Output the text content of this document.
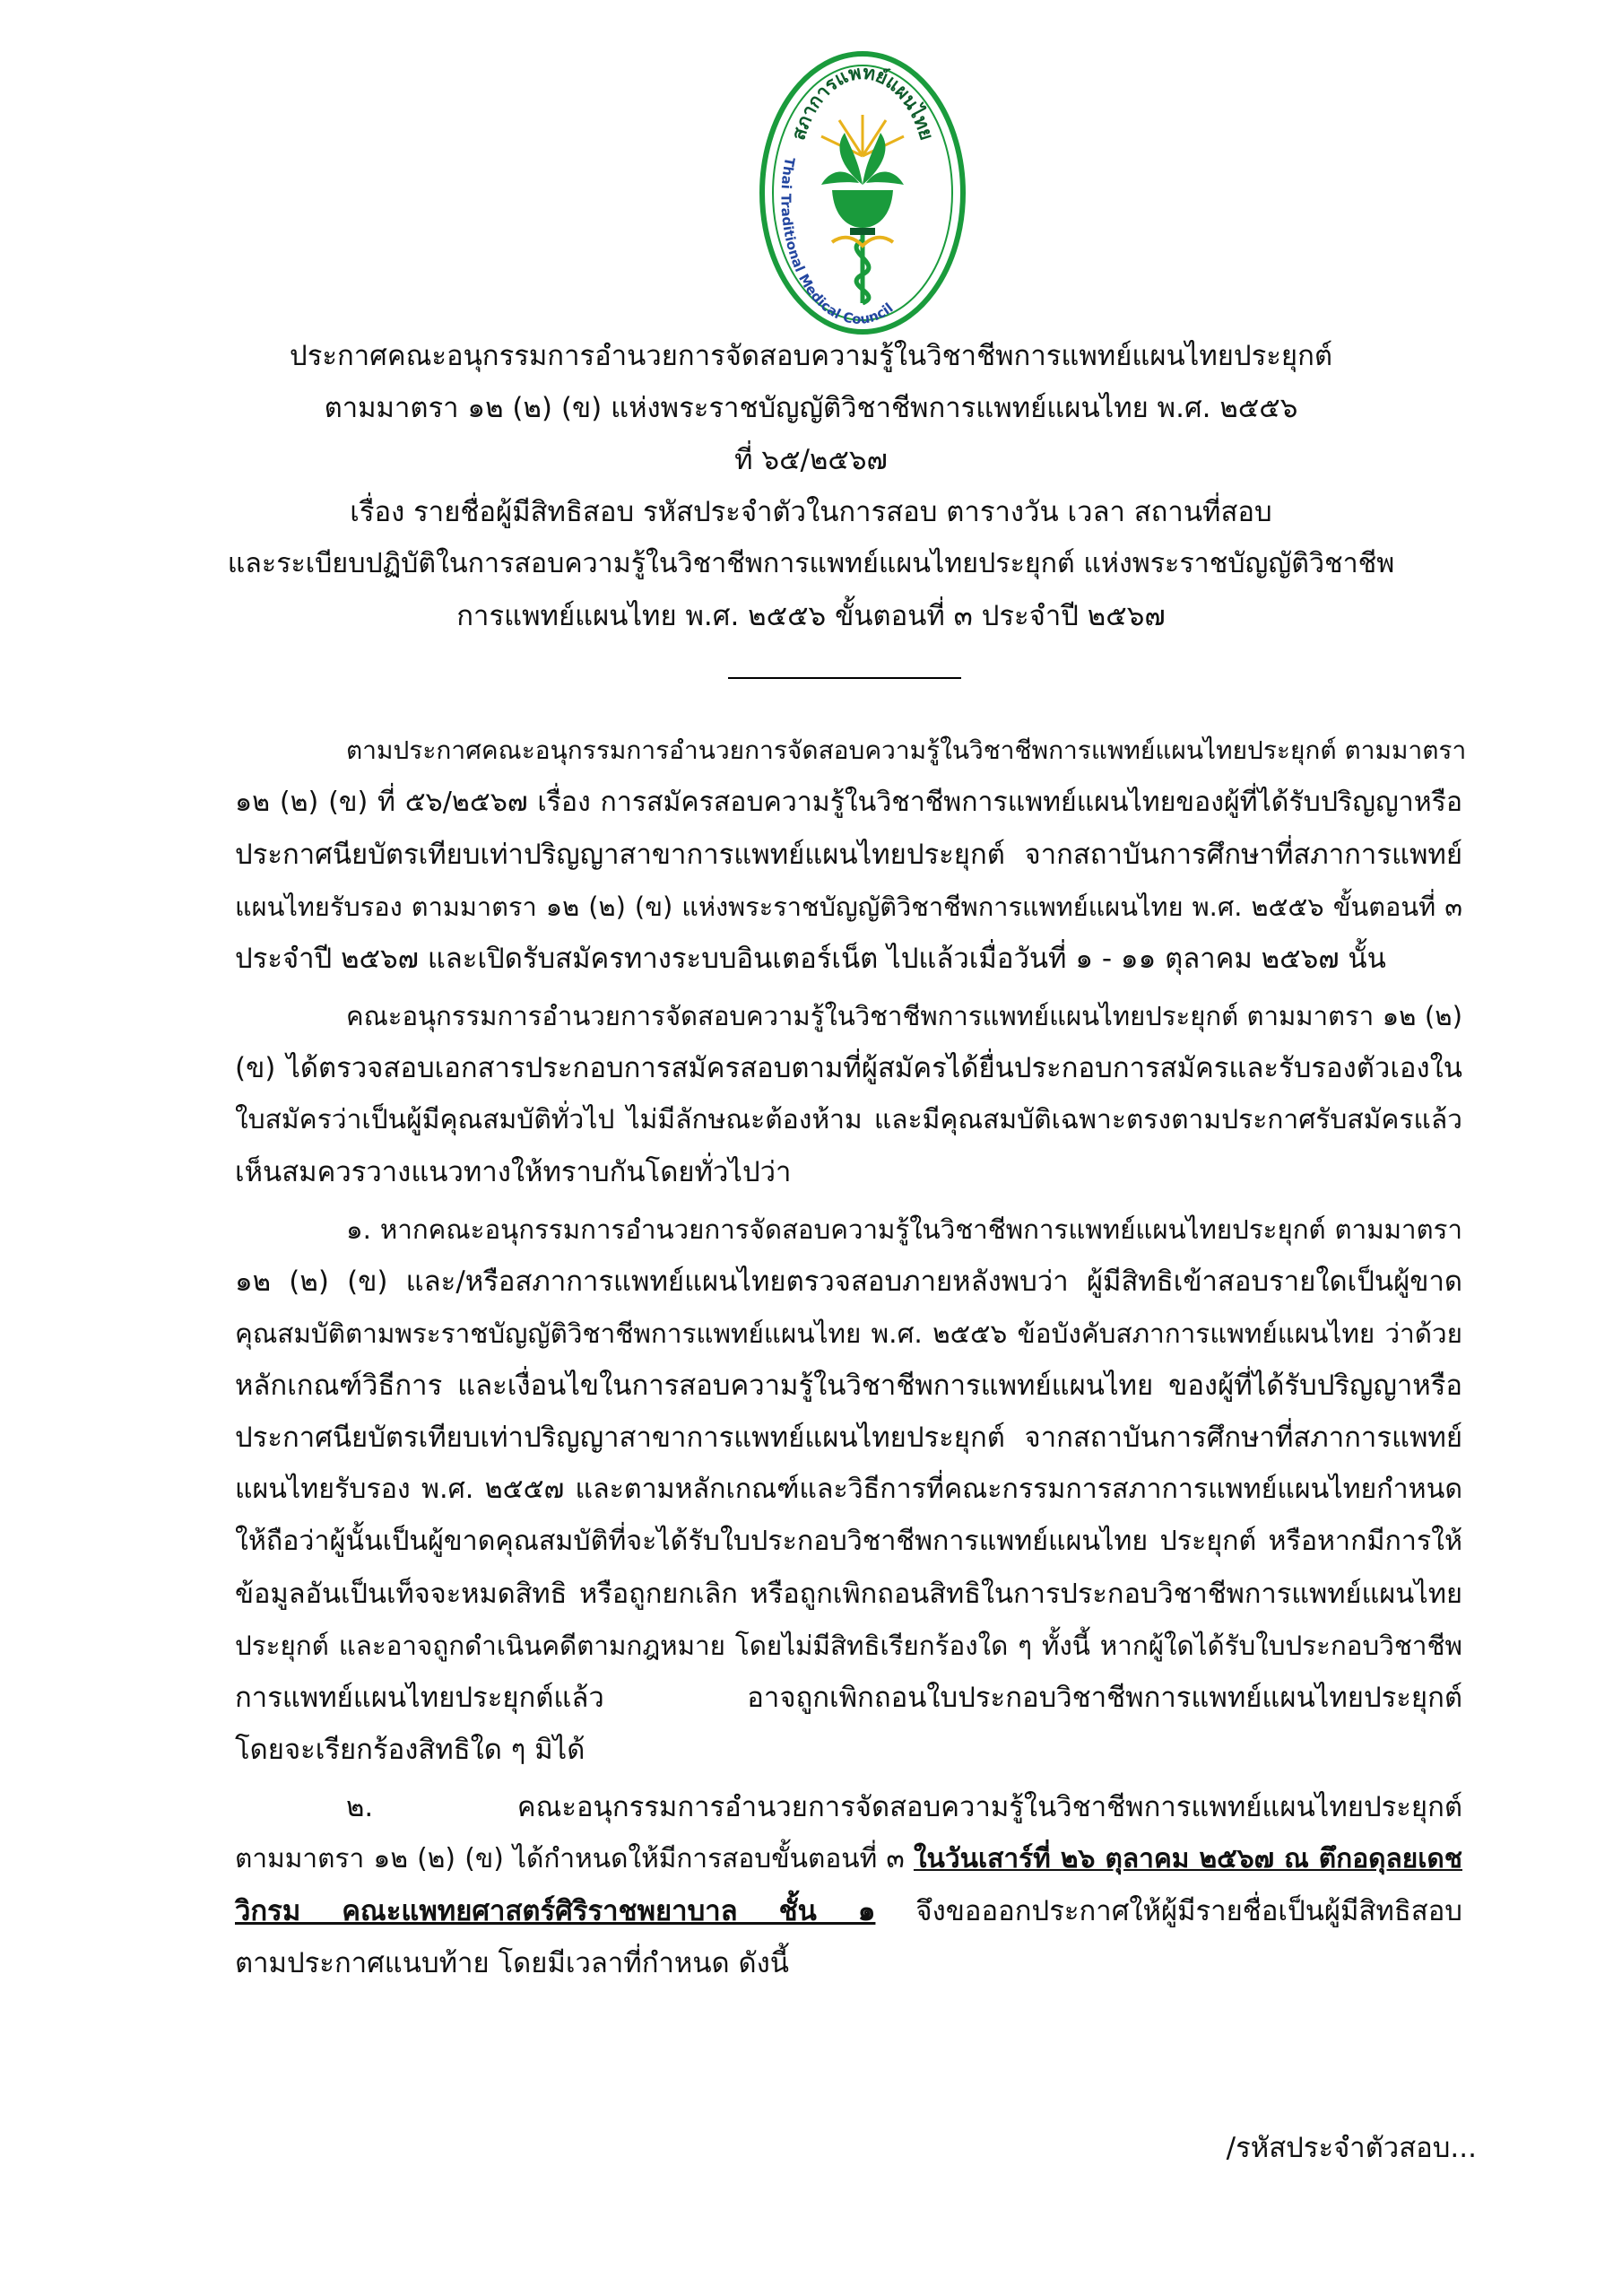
สภาการแพทย์แผนไทย
Thai Traditional Medical Council
ประกาศคณะอนุกรรมการอำนวยการจัดสอบความรู้ในวิชาชีพการแพทย์แผนไทยประยุกต์
ตามมาตรา ๑๒ (๒) (ข) แห่งพระราชบัญญัติวิชาชีพการแพทย์แผนไทย พ.ศ. ๒๕๕๖
ที่ ๖๕/๒๕๖๗
เรื่อง รายชื่อผู้มีสิทธิสอบ รหัสประจำตัวในการสอบ ตารางวัน เวลา สถานที่สอบ
และระเบียบปฏิบัติในการสอบความรู้ในวิชาชีพการแพทย์แผนไทยประยุกต์ แห่งพระราชบัญญัติวิชาชีพ
การแพทย์แผนไทย พ.ศ. ๒๕๕๖ ขั้นตอนที่ ๓ ประจำปี ๒๕๖๗
ตามประกาศคณะอนุกรรมการอำนวยการจัดสอบความรู้ในวิชาชีพการแพทย์แผนไทยประยุกต์ ตามมาตรา
๑๒ (๒) (ข) ที่ ๕๖/๒๕๖๗ เรื่อง การสมัครสอบความรู้ในวิชาชีพการแพทย์แผนไทยของผู้ที่ได้รับปริญญาหรือ
ประกาศนียบัตรเทียบเท่าปริญญาสาขาการแพทย์แผนไทยประยุกต์ จากสถาบันการศึกษาที่สภาการแพทย์
แผนไทยรับรอง ตามมาตรา ๑๒ (๒) (ข) แห่งพระราชบัญญัติวิชาชีพการแพทย์แผนไทย พ.ศ. ๒๕๕๖ ขั้นตอนที่ ๓
ประจำปี ๒๕๖๗ และเปิดรับสมัครทางระบบอินเตอร์เน็ต ไปแล้วเมื่อวันที่ ๑ - ๑๑ ตุลาคม ๒๕๖๗ นั้น
คณะอนุกรรมการอำนวยการจัดสอบความรู้ในวิชาชีพการแพทย์แผนไทยประยุกต์ ตามมาตรา ๑๒ (๒)
(ข) ได้ตรวจสอบเอกสารประกอบการสมัครสอบตามที่ผู้สมัครได้ยื่นประกอบการสมัครและรับรองตัวเองใน
ใบสมัครว่าเป็นผู้มีคุณสมบัติทั่วไป ไม่มีลักษณะต้องห้าม และมีคุณสมบัติเฉพาะตรงตามประกาศรับสมัครแล้ว
เห็นสมควรวางแนวทางให้ทราบกันโดยทั่วไปว่า
๑. หากคณะอนุกรรมการอำนวยการจัดสอบความรู้ในวิชาชีพการแพทย์แผนไทยประยุกต์ ตามมาตรา
๑๒ (๒) (ข) และ/หรือสภาการแพทย์แผนไทยตรวจสอบภายหลังพบว่า ผู้มีสิทธิเข้าสอบรายใดเป็นผู้ขาด
คุณสมบัติตามพระราชบัญญัติวิชาชีพการแพทย์แผนไทย พ.ศ. ๒๕๕๖ ข้อบังคับสภาการแพทย์แผนไทย ว่าด้วย
หลักเกณฑ์วิธีการ และเงื่อนไขในการสอบความรู้ในวิชาชีพการแพทย์แผนไทย ของผู้ที่ได้รับปริญญาหรือ
ประกาศนียบัตรเทียบเท่าปริญญาสาขาการแพทย์แผนไทยประยุกต์ จากสถาบันการศึกษาที่สภาการแพทย์
แผนไทยรับรอง พ.ศ. ๒๕๕๗ และตามหลักเกณฑ์และวิธีการที่คณะกรรมการสภาการแพทย์แผนไทยกำหนด
ให้ถือว่าผู้นั้นเป็นผู้ขาดคุณสมบัติที่จะได้รับใบประกอบวิชาชีพการแพทย์แผนไทย ประยุกต์ หรือหากมีการให้
ข้อมูลอันเป็นเท็จจะหมดสิทธิ หรือถูกยกเลิก หรือถูกเพิกถอนสิทธิในการประกอบวิชาชีพการแพทย์แผนไทย
ประยุกต์ และอาจถูกดำเนินคดีตามกฎหมาย โดยไม่มีสิทธิเรียกร้องใด ๆ ทั้งนี้ หากผู้ใดได้รับใบประกอบวิชาชีพ
การแพทย์แผนไทยประยุกต์แล้ว อาจถูกเพิกถอนใบประกอบวิชาชีพการแพทย์แผนไทยประยุกต์
โดยจะเรียกร้องสิทธิใด ๆ มิได้
๒. คณะอนุกรรมการอำนวยการจัดสอบความรู้ในวิชาชีพการแพทย์แผนไทยประยุกต์
ตามมาตรา ๑๒ (๒) (ข) ได้กำหนดให้มีการสอบขั้นตอนที่ ๓ ในวันเสาร์ที่ ๒๖ ตุลาคม ๒๕๖๗ ณ ตึกอดุลยเดช
วิกรม คณะแพทยศาสตร์ศิริราชพยาบาล ชั้น ๑ จึงขอออกประกาศให้ผู้มีรายชื่อเป็นผู้มีสิทธิสอบ
ตามประกาศแนบท้าย โดยมีเวลาที่กำหนด ดังนี้
/รหัสประจำตัวสอบ...
